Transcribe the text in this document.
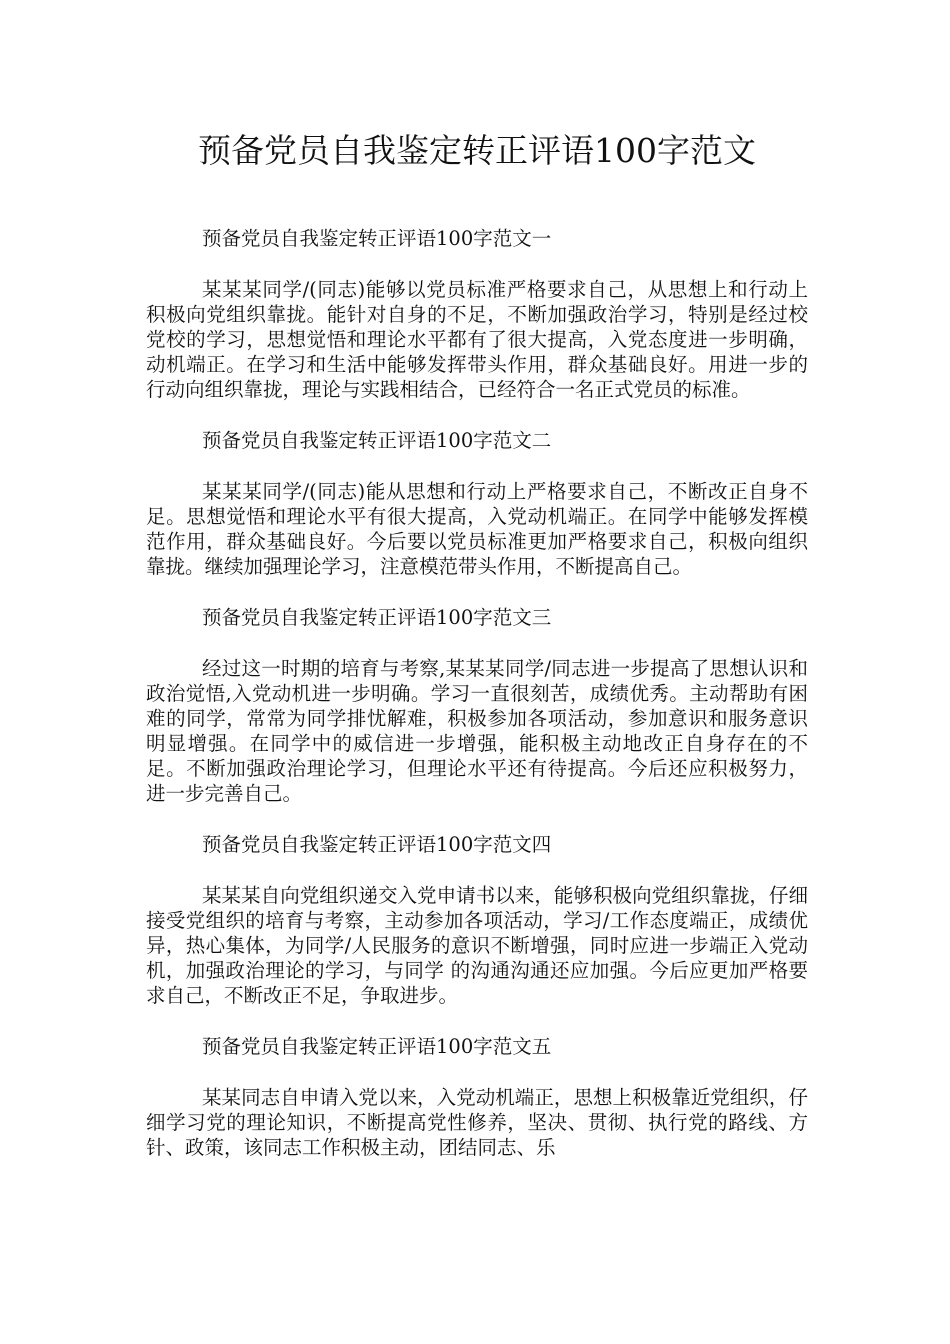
预备党员自我鉴定转正评语100字范文

预备党员自我鉴定转正评语100字范文一

某某某同学/(同志)能够以党员标准严格要求自己，从思想上和行动上积极向党组织靠拢。能针对自身的不足，不断加强政治学习，特别是经过校党校的学习，思想觉悟和理论水平都有了很大提高，入党态度进一步明确，动机端正。在学习和生活中能够发挥带头作用，群众基础良好。用进一步的行动向组织靠拢，理论与实践相结合，已经符合一名正式党员的标准。

预备党员自我鉴定转正评语100字范文二

某某某同学/(同志)能从思想和行动上严格要求自己，不断改正自身不足。思想觉悟和理论水平有很大提高，入党动机端正。在同学中能够发挥模范作用，群众基础良好。今后要以党员标准更加严格要求自己，积极向组织靠拢。继续加强理论学习，注意模范带头作用，不断提高自己。

预备党员自我鉴定转正评语100字范文三

经过这一时期的培育与考察,某某某同学/同志进一步提高了思想认识和政治觉悟,入党动机进一步明确。学习一直很刻苦，成绩优秀。主动帮助有困难的同学，常常为同学排忧解难，积极参加各项活动，参加意识和服务意识明显增强。在同学中的威信进一步增强，能积极主动地改正自身存在的不足。不断加强政治理论学习，但理论水平还有待提高。今后还应积极努力，进一步完善自己。

预备党员自我鉴定转正评语100字范文四

某某某自向党组织递交入党申请书以来，能够积极向党组织靠拢，仔细接受党组织的培育与考察，主动参加各项活动，学习/工作态度端正，成绩优异，热心集体，为同学/人民服务的意识不断增强，同时应进一步端正入党动机，加强政治理论的学习，与同学 的沟通沟通还应加强。今后应更加严格要求自己，不断改正不足，争取进步。

预备党员自我鉴定转正评语100字范文五

某某同志自申请入党以来，入党动机端正，思想上积极靠近党组织，仔细学习党的理论知识，不断提高党性修养，坚决、贯彻、执行党的路线、方针、政策，该同志工作积极主动，团结同志、乐
